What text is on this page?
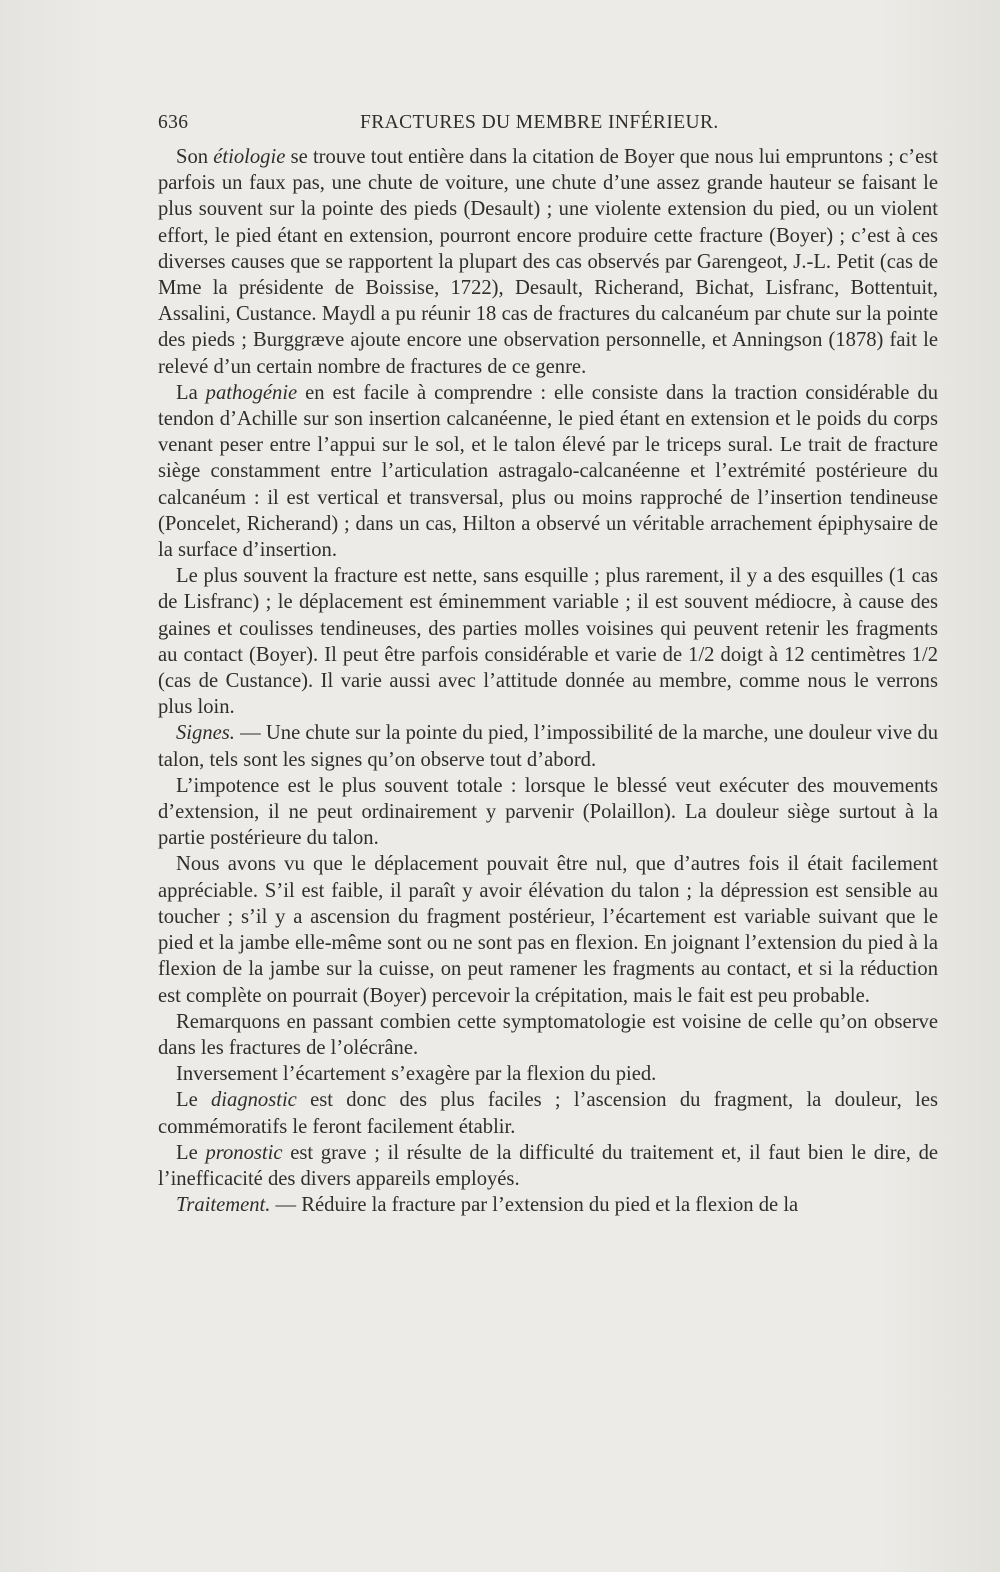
636	FRACTURES DU MEMBRE INFÉRIEUR.

Son étiologie se trouve tout entière dans la citation de Boyer que nous lui empruntons ; c’est parfois un faux pas, une chute de voiture, une chute d’une assez grande hauteur se faisant le plus souvent sur la pointe des pieds (Desault) ; une violente extension du pied, ou un violent effort, le pied étant en extension, pourront encore produire cette fracture (Boyer) ; c’est à ces diverses causes que se rapportent la plupart des cas observés par Garengeot, J.-L. Petit (cas de Mme la présidente de Boissise, 1722), Desault, Richerand, Bichat, Lisfranc, Bottentuit, Assalini, Custance. Maydl a pu réunir 18 cas de fractures du calcanéum par chute sur la pointe des pieds ; Burggræve ajoute encore une observation personnelle, et Anningson (1878) fait le relevé d’un certain nombre de fractures de ce genre.

La pathogénie en est facile à comprendre : elle consiste dans la traction considérable du tendon d’Achille sur son insertion calcanéenne, le pied étant en extension et le poids du corps venant peser entre l’appui sur le sol, et le talon élevé par le triceps sural. Le trait de fracture siège constamment entre l’articulation astragalo-calcanéenne et l’extrémité postérieure du calcanéum : il est vertical et transversal, plus ou moins rapproché de l’insertion tendineuse (Poncelet, Richerand) ; dans un cas, Hilton a observé un véritable arrachement épiphysaire de la surface d’insertion.

Le plus souvent la fracture est nette, sans esquille ; plus rarement, il y a des esquilles (1 cas de Lisfranc) ; le déplacement est éminemment variable ; il est souvent médiocre, à cause des gaines et coulisses tendineuses, des parties molles voisines qui peuvent retenir les fragments au contact (Boyer). Il peut être parfois considérable et varie de 1/2 doigt à 12 centimètres 1/2 (cas de Custance). Il varie aussi avec l’attitude donnée au membre, comme nous le verrons plus loin.

Signes. — Une chute sur la pointe du pied, l’impossibilité de la marche, une douleur vive du talon, tels sont les signes qu’on observe tout d’abord.

L’impotence est le plus souvent totale : lorsque le blessé veut exécuter des mouvements d’extension, il ne peut ordinairement y parvenir (Polaillon). La douleur siège surtout à la partie postérieure du talon.

Nous avons vu que le déplacement pouvait être nul, que d’autres fois il était facilement appréciable. S’il est faible, il paraît y avoir élévation du talon ; la dépression est sensible au toucher ; s’il y a ascension du fragment postérieur, l’écartement est variable suivant que le pied et la jambe elle-même sont ou ne sont pas en flexion. En joignant l’extension du pied à la flexion de la jambe sur la cuisse, on peut ramener les fragments au contact, et si la réduction est complète on pourrait (Boyer) percevoir la crépitation, mais le fait est peu probable.

Remarquons en passant combien cette symptomatologie est voisine de celle qu’on observe dans les fractures de l’olécrâne.

Inversement l’écartement s’exagère par la flexion du pied.

Le diagnostic est donc des plus faciles ; l’ascension du fragment, la douleur, les commémoratifs le feront facilement établir.

Le pronostic est grave ; il résulte de la difficulté du traitement et, il faut bien le dire, de l’inefficacité des divers appareils employés.

Traitement. — Réduire la fracture par l’extension du pied et la flexion de la
